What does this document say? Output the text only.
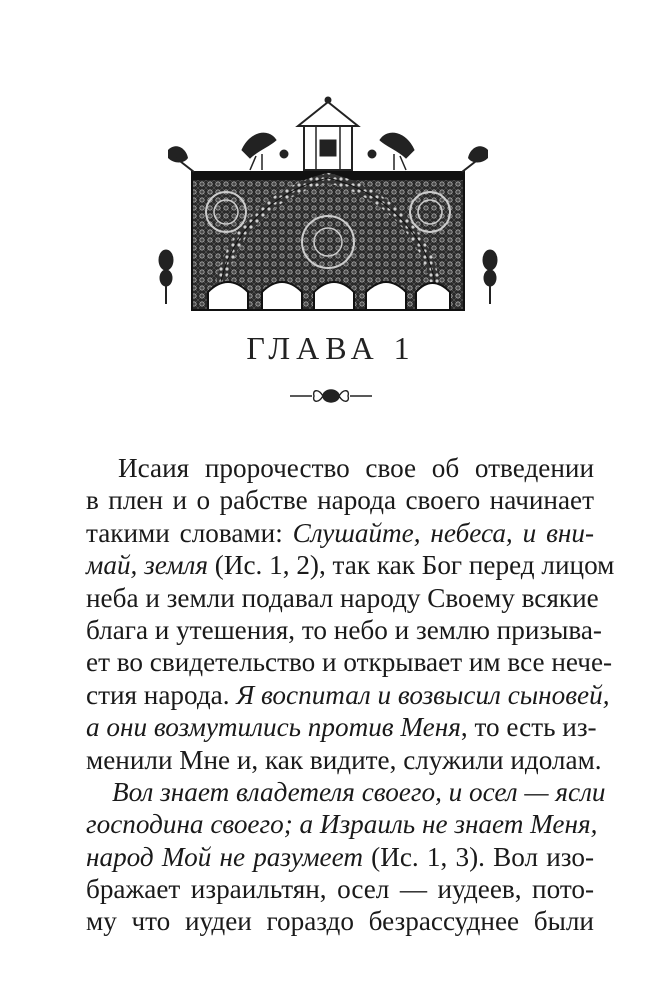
ГЛАВА 1
Исаия пророчество свое об отведении
в плен и о рабстве народа своего начинает
такими словами: Слушайте, небеса, и вни-
май, земля (Ис. 1, 2), так как Бог перед лицом
неба и земли подавал народу Своему всякие
блага и утешения, то небо и землю призыва-
ет во свидетельство и открывает им все нече-
стия народа. Я воспитал и возвысил сыновей,
а они возмутились против Меня, то есть из-
менили Мне и, как видите, служили идолам.
Вол знает владетеля своего, и осел — ясли
господина своего; а Израиль не знает Меня,
народ Мой не разумеет (Ис. 1, 3). Вол изо-
бражает израильтян, осел — иудеев, пото-
му что иудеи гораздо безрассуднее были
